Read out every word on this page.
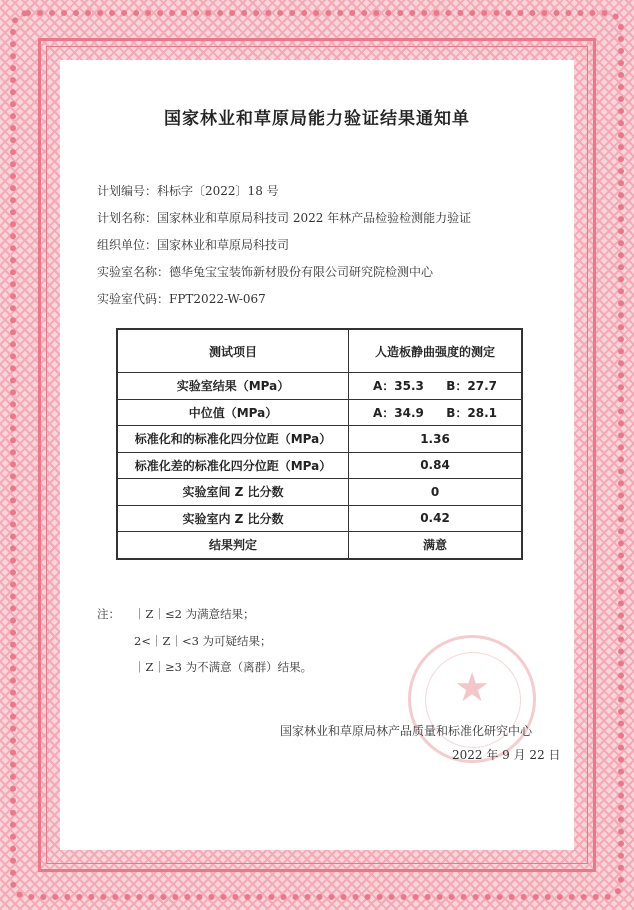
国家林业和草原局能力验证结果通知单
计划编号：科标字〔2022〕18 号
计划名称：国家林业和草原局科技司 2022 年林产品检验检测能力验证
组织单位：国家林业和草原局科技司
实验室名称：德华兔宝宝装饰新材股份有限公司研究院检测中心
实验室代码：FPT2022-W-067
测试项目	人造板静曲强度的测定
实验室结果（MPa）	A：35.3 B：27.7

中位值（MPa）	A：34.9 B：28.1

标准化和的标准化四分位距（MPa）	1.36
标准化差的标准化四分位距（MPa）	0.84
实验室间 Z 比分数	0
实验室内 Z 比分数	0.42
结果判定	满意
注： ｜Z｜≤2 为满意结果；
2<｜Z｜<3 为可疑结果；
｜Z｜≥3 为不满意（离群）结果。	★
国家林业和草原局林产品质量和标准化研究中心
2022 年 9 月 22 日
